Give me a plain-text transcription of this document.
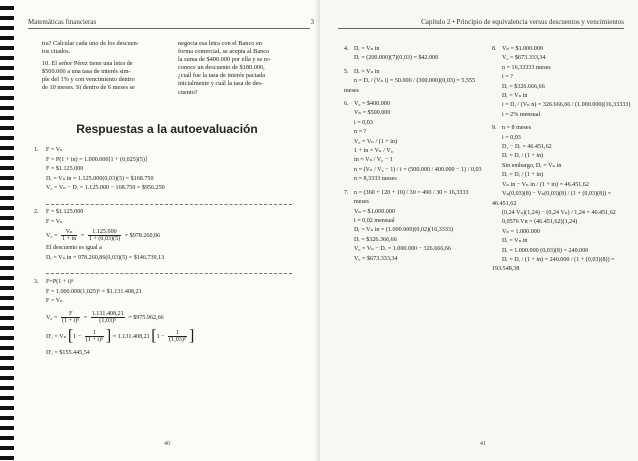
Matemáticas financieras	3

tra? Calcular cada uno de los descuen-

tos citados.

10. El señor Pérez tiene una letra de

$500.000 a una tasa de interés sim-

ple del 1% y con vencimiento dentro

de 10 meses. Si dentro de 6 meses se

negocia esa letra con el Banco en

forma comercial, se acepta al Banco

la suma de $400.000 por ella y se re-

conoce un descuento de $180.000,

¿cuál fue la tasa de interés pactada

inicialmente y cuál la tasa de des-

cuento?

Respuestas a la autoevaluación
1. F = Vₙ

F = P(1 + in) = 1.000.000[1 + (0,025)(5)]

F = $1.125.000

Dᵣ = Vₙ in = 1.125.000(0,03)(5) = $168.750

V₀ = Vₙ − Dᵣ = 1.125.000 − 168.750 = $956.250

2. F = $1.125.000

F = Vₙ

$V_0 = \frac{\text{Vₙ}}{1 + in} = \frac{1.125.000}{1 + (0,03)(5)}$ = $978.260,86

El descuento es igual a

Dᵣ = Vₙ in = 978.260,86(0,03)(5) = $146.739,13

3. F=P(1 + i)ⁿ

F = 1.000.000(1,025)⁵ = $1.131.408,21

F = Vₙ

$V_0 = \frac{F}{\text{(1 + i)ⁿ}} = \frac{1.131.408,21}{\text{(1,03)⁵}}$ = $975.962,66

D'ᵣ = Vₙ [$1 - \frac{1}{\text{(1 + i)ⁿ}}$ ] = 1.131.408,21 [$1 - \frac{1}{\text{(1,03)⁵}}$ ]

D'ᵣ = $155.445,54

40
Capítulo 2 • Principio de equivalencia versus descuentos y vencimientos

4. Dᵣ = Vₙ in

Dᵣ = (200.000)(7)(0,03) = $42.000

5. Dᵣ = Vₙ in

n = Dᵣ / (Vₙ i) = 50.000 / (300.000)(0,03) = 5,555 meses

6. V₀ = $400.000

Vₙ = $500.000

i = 0,03

n = ?

V₀ = Vₙ / (1 + in)

1 + in = Vₙ / V₀

in = Vₙ / V₀ − 1

n = (Vₙ / V₀ − 1) / i = (500.000 / 400.000 − 1) / 0,03

n = 8,3333 meses

7. n = (360 + 120 + 10) / 30 = 490 / 30 = 16,3333

meses

Vₙ = $1.000.000

i = 0,02 mensual

Dᵣ = Vₙ in = (1.000.000)(0,02)(16,3333)

Dᵣ = $326.366,66

V₀ = Vₙ − Dᵣ = 1.000.000 − 326.666,66

V₀ = $673.333,34

8. Vₙ = $1.000.000

V₀ = $673.333,34

n = 16,33333 meses

i = ?

Dᵣ = $326.666,66

Dᵣ = Vₙ in

i = Dᵣ / (Vₙ n) = 326.666,66 / (1.000.000)(16,33333)

i = 2% mensual

9. n = 8 meses

i = 0,03

D₁ − Dᵣ = 46.451,62

Dᵣ = Dᵣ / (1 + in)

Sin embargo, Dᵣ = Vₙ in

Dᵣ = Dᵣ / (1 + in)

Vₙ in − Vₙ in / (1 + in) = 46.451,62

Vₙ(0,03)(8) − Vₙ(0,03)(8) / (1 + (0,03)(8)) = 46.451,62

(0,24 Vₙ)(1,24) − (0,24 Vₙ) / 1,24 = 46.451,62

0,0576 Vn = (46.451,62)(1,24)

Vₙ = 1.000.000

Dᵣ = Vₙ in

Dᵣ = 1.000.000 (0,03)(8) = 240.000

Dᵣ = Dᵣ / (1 + in) = 240.000 / (1 + (0,03)(8)) = 193.548,38

41
